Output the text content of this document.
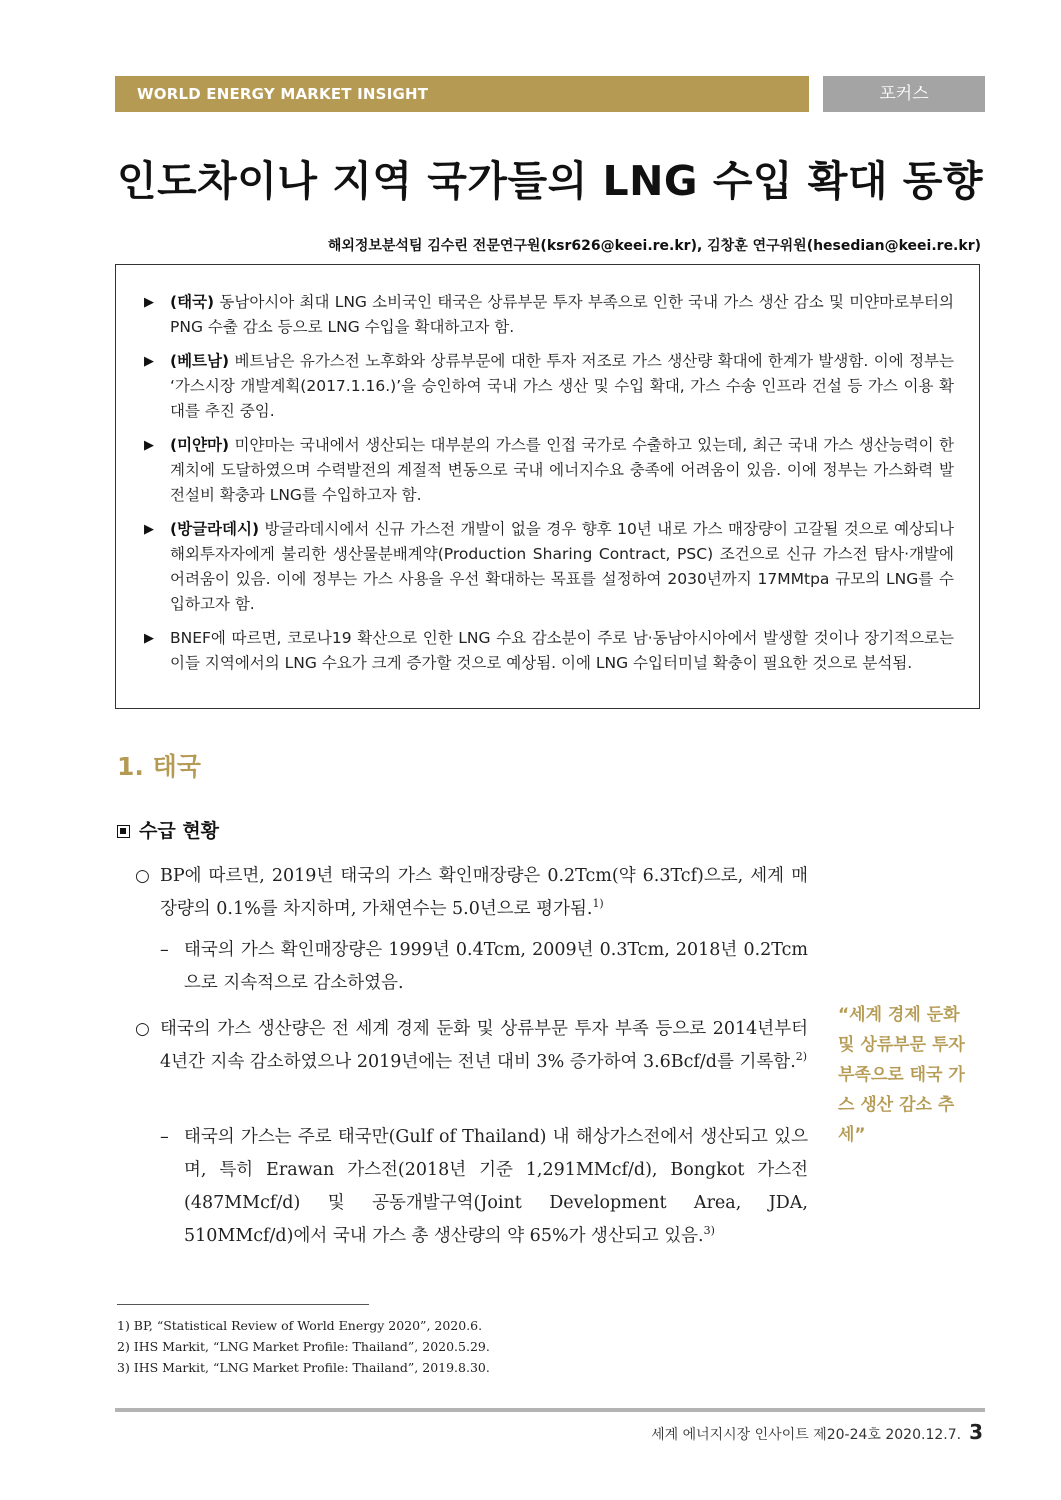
WORLD ENERGY MARKET INSIGHT	포커스
인도차이나 지역 국가들의 LNG 수입 확대 동향
해외정보분석팀 김수린 전문연구원(ksr626@keei.re.kr), 김창훈 연구위원(hesedian@keei.re.kr)
▶ (태국) 동남아시아 최대 LNG 소비국인 태국은 상류부문 투자 부족으로 인한 국내 가스 생산 감소 및 미얀마로부터의 PNG 수출 감소 등으로 LNG 수입을 확대하고자 함.
▶ (베트남) 베트남은 유가스전 노후화와 상류부문에 대한 투자 저조로 가스 생산량 확대에 한계가 발생함. 이에 정부는 ‘가스시장 개발계획(2017.1.16.)’을 승인하여 국내 가스 생산 및 수입 확대, 가스 수송 인프라 건설 등 가스 이용 확대를 추진 중임.
▶ (미얀마) 미얀마는 국내에서 생산되는 대부분의 가스를 인접 국가로 수출하고 있는데, 최근 국내 가스 생산능력이 한계치에 도달하였으며 수력발전의 계절적 변동으로 국내 에너지수요 충족에 어려움이 있음. 이에 정부는 가스화력 발전설비 확충과 LNG를 수입하고자 함.
▶ (방글라데시) 방글라데시에서 신규 가스전 개발이 없을 경우 향후 10년 내로 가스 매장량이 고갈될 것으로 예상되나 해외투자자에게 불리한 생산물분배계약(Production Sharing Contract, PSC) 조건으로 신규 가스전 탐사·개발에 어려움이 있음. 이에 정부는 가스 사용을 우선 확대하는 목표를 설정하여 2030년까지 17MMtpa 규모의 LNG를 수입하고자 함.
▶ BNEF에 따르면, 코로나19 확산으로 인한 LNG 수요 감소분이 주로 남·동남아시아에서 발생할 것이나 장기적으로는 이들 지역에서의 LNG 수요가 크게 증가할 것으로 예상됨. 이에 LNG 수입터미널 확충이 필요한 것으로 분석됨.
1. 태국
수급 현황
○ BP에 따르면, 2019년 태국의 가스 확인매장량은 0.2Tcm(약 6.3Tcf)으로, 세계 매장량의 0.1%를 차지하며, 가채연수는 5.0년으로 평가됨.$^{1)}$
– 태국의 가스 확인매장량은 1999년 0.4Tcm, 2009년 0.3Tcm, 2018년 0.2Tcm으로 지속적으로 감소하였음.
○ 태국의 가스 생산량은 전 세계 경제 둔화 및 상류부문 투자 부족 등으로 2014년부터 4년간 지속 감소하였으나 2019년에는 전년 대비 3% 증가하여 3.6Bcf/d를 기록함.$^{2)}$
– 태국의 가스는 주로 태국만(Gulf of Thailand) 내 해상가스전에서 생산되고 있으며, 특히 Erawan 가스전(2018년 기준 1,291MMcf/d), Bongkot 가스전(487MMcf/d) 및 공동개발구역(Joint Development Area, JDA, 510MMcf/d)에서 국내 가스 총 생산량의 약 65%가 생산되고 있음.$^{3)}$
“세계 경제 둔화 및 상류부문 투자 부족으로 태국 가스 생산 감소 추세”
1) BP, “Statistical Review of World Energy 2020”, 2020.6.
2) IHS Markit, “LNG Market Profile: Thailand”, 2020.5.29.
3) IHS Markit, “LNG Market Profile: Thailand”, 2019.8.30.
세계 에너지시장 인사이트 제20-24호 2020.12.7. 3
